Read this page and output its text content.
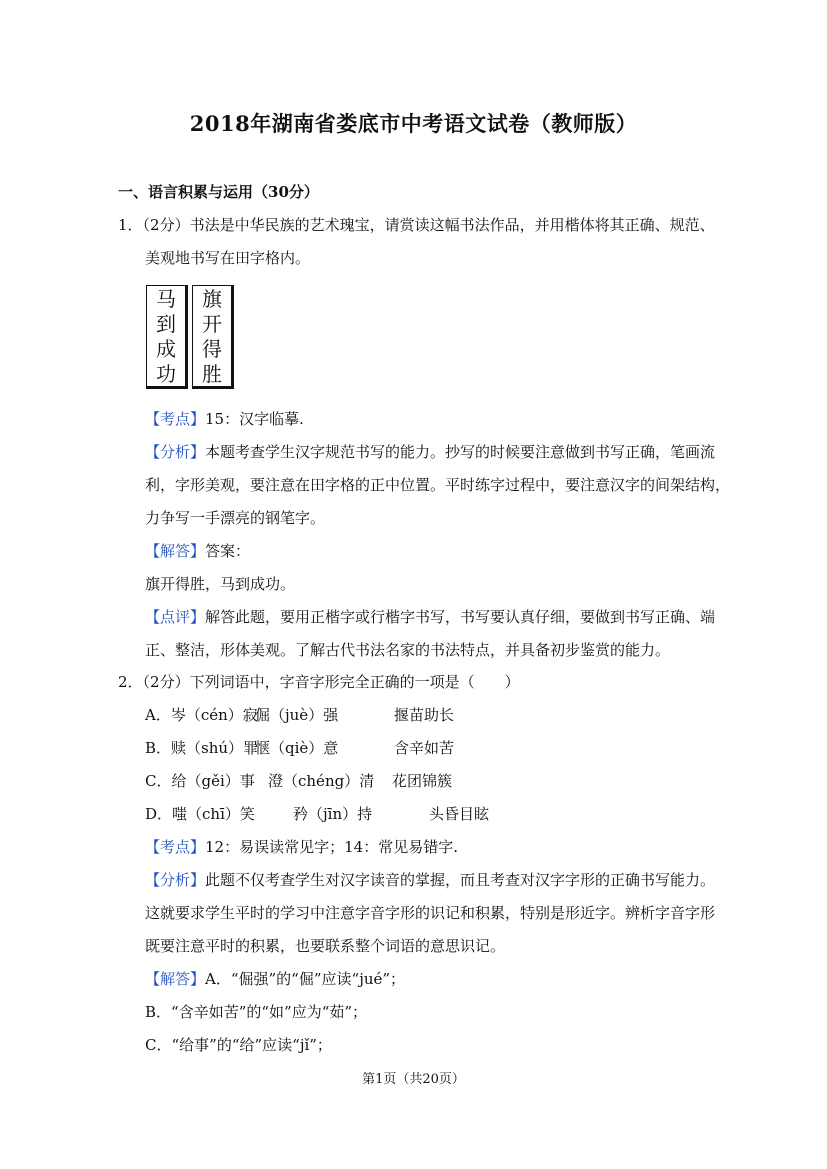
2018年湖南省娄底市中考语文试卷（教师版）
一、语言积累与运用（30分）
1．（2分）书法是中华民族的艺术瑰宝，请赏读这幅书法作品，并用楷体将其正确、规范、
美观地书写在田字格内。
马
到
成
功
旗
开
得
胜
【考点】15：汉字临摹.
【分析】本题考查学生汉字规范书写的能力。抄写的时候要注意做到书写正确，笔画流
利，字形美观，要注意在田字格的正中位置。平时练字过程中，要注意汉字的间架结构，
力争写一手漂亮的钢笔字。
【解答】答案：
旗开得胜，马到成功。
【点评】解答此题，要用正楷字或行楷字书写，书写要认真仔细，要做到书写正确、端
正、整洁，形体美观。了解古代书法名家的书法特点，并具备初步鉴赏的能力。
2．（2分）下列词语中，字音字形完全正确的一项是（　　）
A．岑（cén）寂倔（juè）强	揠苗助长
B．赎（shú）罪惬（qiè）意	含辛如苦
C．给（gěi）事 澄（chéng）清 花团锦簇
D．嗤（chī）笑	矜（jīn）持	头昏目眩
【考点】12：易误读常见字；14：常见易错字.
【分析】此题不仅考查学生对汉字读音的掌握，而且考查对汉字字形的正确书写能力。
这就要求学生平时的学习中注意字音字形的识记和积累，特别是形近字。辨析字音字形
既要注意平时的积累，也要联系整个词语的意思识记。
【解答】A．“倔强”的“倔”应读“jué”；
B．“含辛如苦”的“如”应为“茹”；
C．“给事”的“给”应读“jǐ”；
第1页（共20页）
